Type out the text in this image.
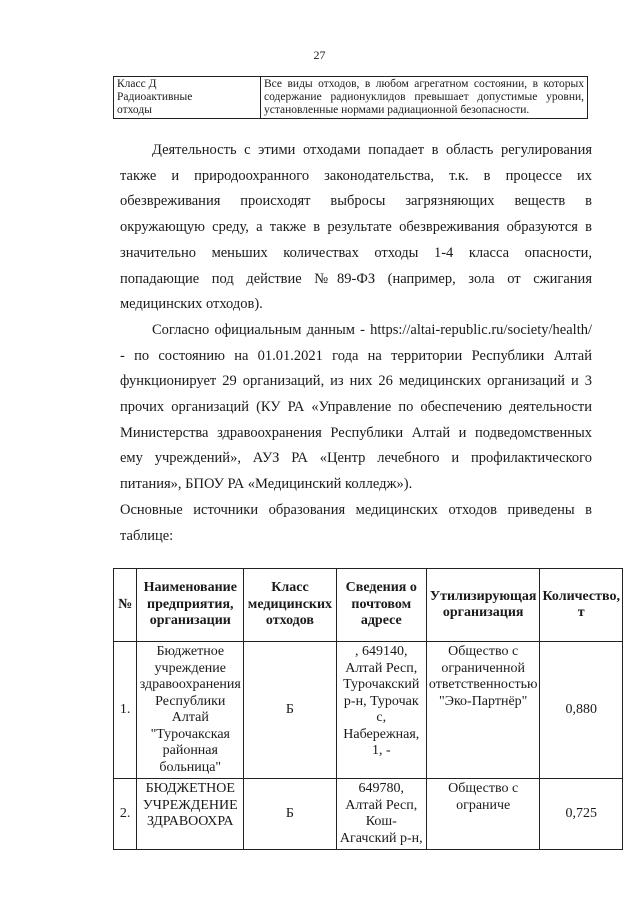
27
Класс Д
Радиоактивные
отходы
	Все виды отходов, в любом агрегатном состоянии, в которых содержание радионуклидов превышает допустимые уровни, установленные нормами радиационной безопасности.

Деятельность с этими отходами попадает в область регулирования также и природоохранного законодательства, т.к. в процессе их обезвреживания происходят выбросы загрязняющих веществ в окружающую среду, а также в результате обезвреживания образуются в значительно меньших количествах отходы 1-4 класса опасности, попадающие под действие №89-ФЗ (например, зола от сжигания медицинских отходов).

Согласно официальным данным - https://altai-republic.ru/society/health/ - по состоянию на 01.01.2021 года на территории Республики Алтай функционирует 29 организаций, из них 26 медицинских организаций и 3 прочих организаций (КУ РА «Управление по обеспечению деятельности Министерства здравоохранения Республики Алтай и подведомственных ему учреждений», АУЗ РА «Центр лечебного и профилактического питания», БПОУ РА «Медицинский колледж»).

Основные источники образования медицинских отходов приведены в таблице:

№	Наименование предприятия, организации	Класс медицинских отходов	Сведения о почтовом адресе	Утилизирующая организация	Количество, т
1.	Бюджетное учреждение здравоохранения Республики Алтай "Турочакская районная больница"	Б	, 649140, Алтай Респ, Турочакский р-н, Турочак с, Набережная, 1, -	Общество с ограниченной ответственностью "Эко-Партнёр"	0,880
2.	БЮДЖЕТНОЕ УЧРЕЖДЕНИЕ ЗДРАВООХРА	Б	649780, Алтай Респ, Кош-Агачский р-н,	Общество с ограниче	0,725
